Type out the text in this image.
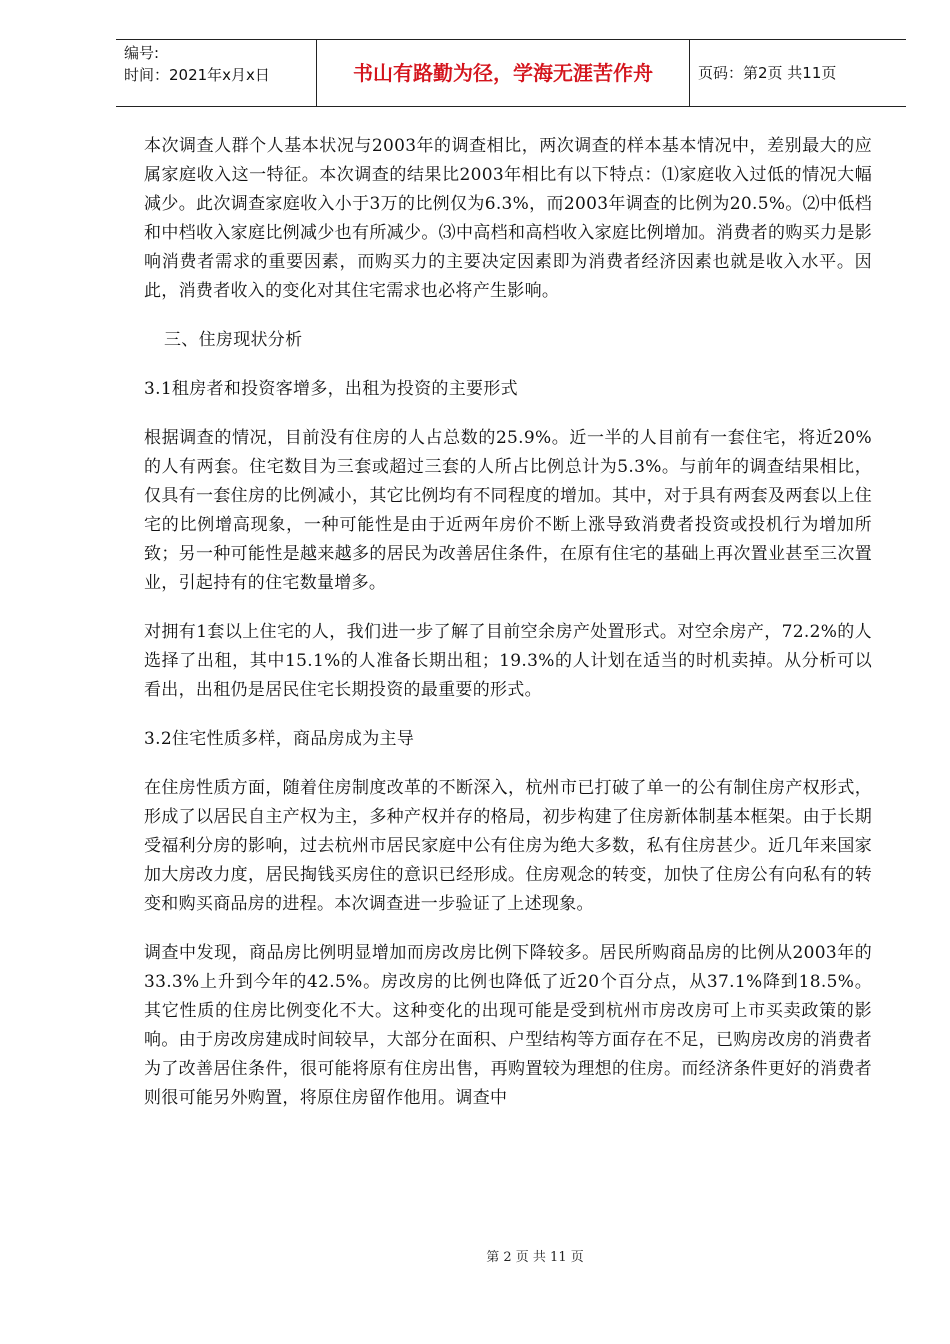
编号:
时间：2021年x月x日	书山有路勤为径，学海无涯苦作舟	页码：第2页 共11页

本次调查人群个人基本状况与2003年的调查相比，两次调查的样本基本情况中，差别最大的应属家庭收入这一特征。本次调查的结果比2003年相比有以下特点：⑴家庭收入过低的情况大幅减少。此次调查家庭收入小于3万的比例仅为6.3%，而2003年调查的比例为20.5%。⑵中低档和中档收入家庭比例减少也有所减少。⑶中高档和高档收入家庭比例增加。消费者的购买力是影响消费者需求的重要因素，而购买力的主要决定因素即为消费者经济因素也就是收入水平。因此，消费者收入的变化对其住宅需求也必将产生影响。

三、住房现状分析

3.1租房者和投资客增多，出租为投资的主要形式

根据调查的情况，目前没有住房的人占总数的25.9%。近一半的人目前有一套住宅，将近20%的人有两套。住宅数目为三套或超过三套的人所占比例总计为5.3%。与前年的调查结果相比，仅具有一套住房的比例减小，其它比例均有不同程度的增加。其中，对于具有两套及两套以上住宅的比例增高现象，一种可能性是由于近两年房价不断上涨导致消费者投资或投机行为增加所致；另一种可能性是越来越多的居民为改善居住条件，在原有住宅的基础上再次置业甚至三次置业，引起持有的住宅数量增多。

对拥有1套以上住宅的人，我们进一步了解了目前空余房产处置形式。对空余房产，72.2%的人选择了出租，其中15.1%的人准备长期出租；19.3%的人计划在适当的时机卖掉。从分析可以看出，出租仍是居民住宅长期投资的最重要的形式。

3.2住宅性质多样，商品房成为主导

在住房性质方面，随着住房制度改革的不断深入，杭州市已打破了单一的公有制住房产权形式，形成了以居民自主产权为主，多种产权并存的格局，初步构建了住房新体制基本框架。由于长期受福利分房的影响，过去杭州市居民家庭中公有住房为绝大多数，私有住房甚少。近几年来国家加大房改力度，居民掏钱买房住的意识已经形成。住房观念的转变，加快了住房公有向私有的转变和购买商品房的进程。本次调查进一步验证了上述现象。

调查中发现，商品房比例明显增加而房改房比例下降较多。居民所购商品房的比例从2003年的33.3%上升到今年的42.5%。房改房的比例也降低了近20个百分点，从37.1%降到18.5%。其它性质的住房比例变化不大。这种变化的出现可能是受到杭州市房改房可上市买卖政策的影响。由于房改房建成时间较早，大部分在面积、户型结构等方面存在不足，已购房改房的消费者为了改善居住条件，很可能将原有住房出售，再购置较为理想的住房。而经济条件更好的消费者则很可能另外购置，将原住房留作他用。调查中

第 2 页 共 11 页
